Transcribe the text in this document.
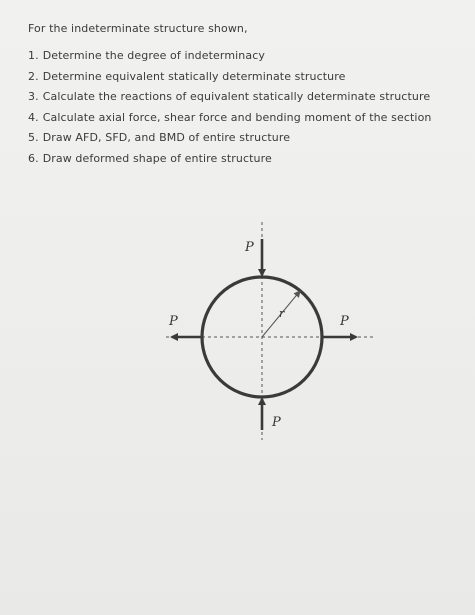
For the indeterminate structure shown,
1. Determine the degree of indeterminacy
2. Determine equivalent statically determinate structure
3. Calculate the reactions of equivalent statically determinate structure
4. Calculate axial force, shear force and bending moment of the section
5. Draw AFD, SFD, and BMD of entire structure
6. Draw deformed shape of entire structure
r
P
P
P	P
